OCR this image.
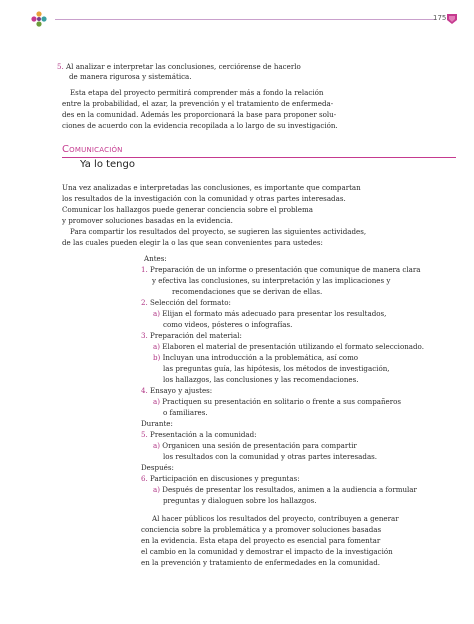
175
5. Al analizar e interpretar las conclusiones, cerciórense de hacerlo
de manera rigurosa y sistemática.
Esta etapa del proyecto permitirá comprender más a fondo la relación
entre la probabilidad, el azar, la prevención y el tratamiento de enfermeda-
des en la comunidad. Además les proporcionará la base para proponer solu-
ciones de acuerdo con la evidencia recopilada a lo largo de su investigación.
Comunicación
Ya lo tengo
Una vez analizadas e interpretadas las conclusiones, es importante que compartan
los resultados de la investigación con la comunidad y otras partes interesadas.
Comunicar los hallazgos puede generar conciencia sobre el problema
y promover soluciones basadas en la evidencia.
Para compartir los resultados del proyecto, se sugieren las siguientes actividades,
de las cuales pueden elegir la o las que sean convenientes para ustedes:
Antes:
1. Preparación de un informe o presentación que comunique de manera clara
y efectiva las conclusiones, su interpretación y las implicaciones y
recomendaciones que se derivan de ellas.
2. Selección del formato:
a) Elijan el formato más adecuado para presentar los resultados,
como videos, pósteres o infografías.
3. Preparación del material:
a) Elaboren el material de presentación utilizando el formato seleccionado.
b) Incluyan una introducción a la problemática, así como
las preguntas guía, las hipótesis, los métodos de investigación,
los hallazgos, las conclusiones y las recomendaciones.
4. Ensayo y ajustes:
a) Practiquen su presentación en solitario o frente a sus compañeros
o familiares.
Durante:
5. Presentación a la comunidad:
a) Organicen una sesión de presentación para compartir
los resultados con la comunidad y otras partes interesadas.
Después:
6. Participación en discusiones y preguntas:
a) Después de presentar los resultados, animen a la audiencia a formular
preguntas y dialoguen sobre los hallazgos.
Al hacer públicos los resultados del proyecto, contribuyen a generar
conciencia sobre la problemática y a promover soluciones basadas
en la evidencia. Esta etapa del proyecto es esencial para fomentar
el cambio en la comunidad y demostrar el impacto de la investigación
en la prevención y tratamiento de enfermedades en la comunidad.
